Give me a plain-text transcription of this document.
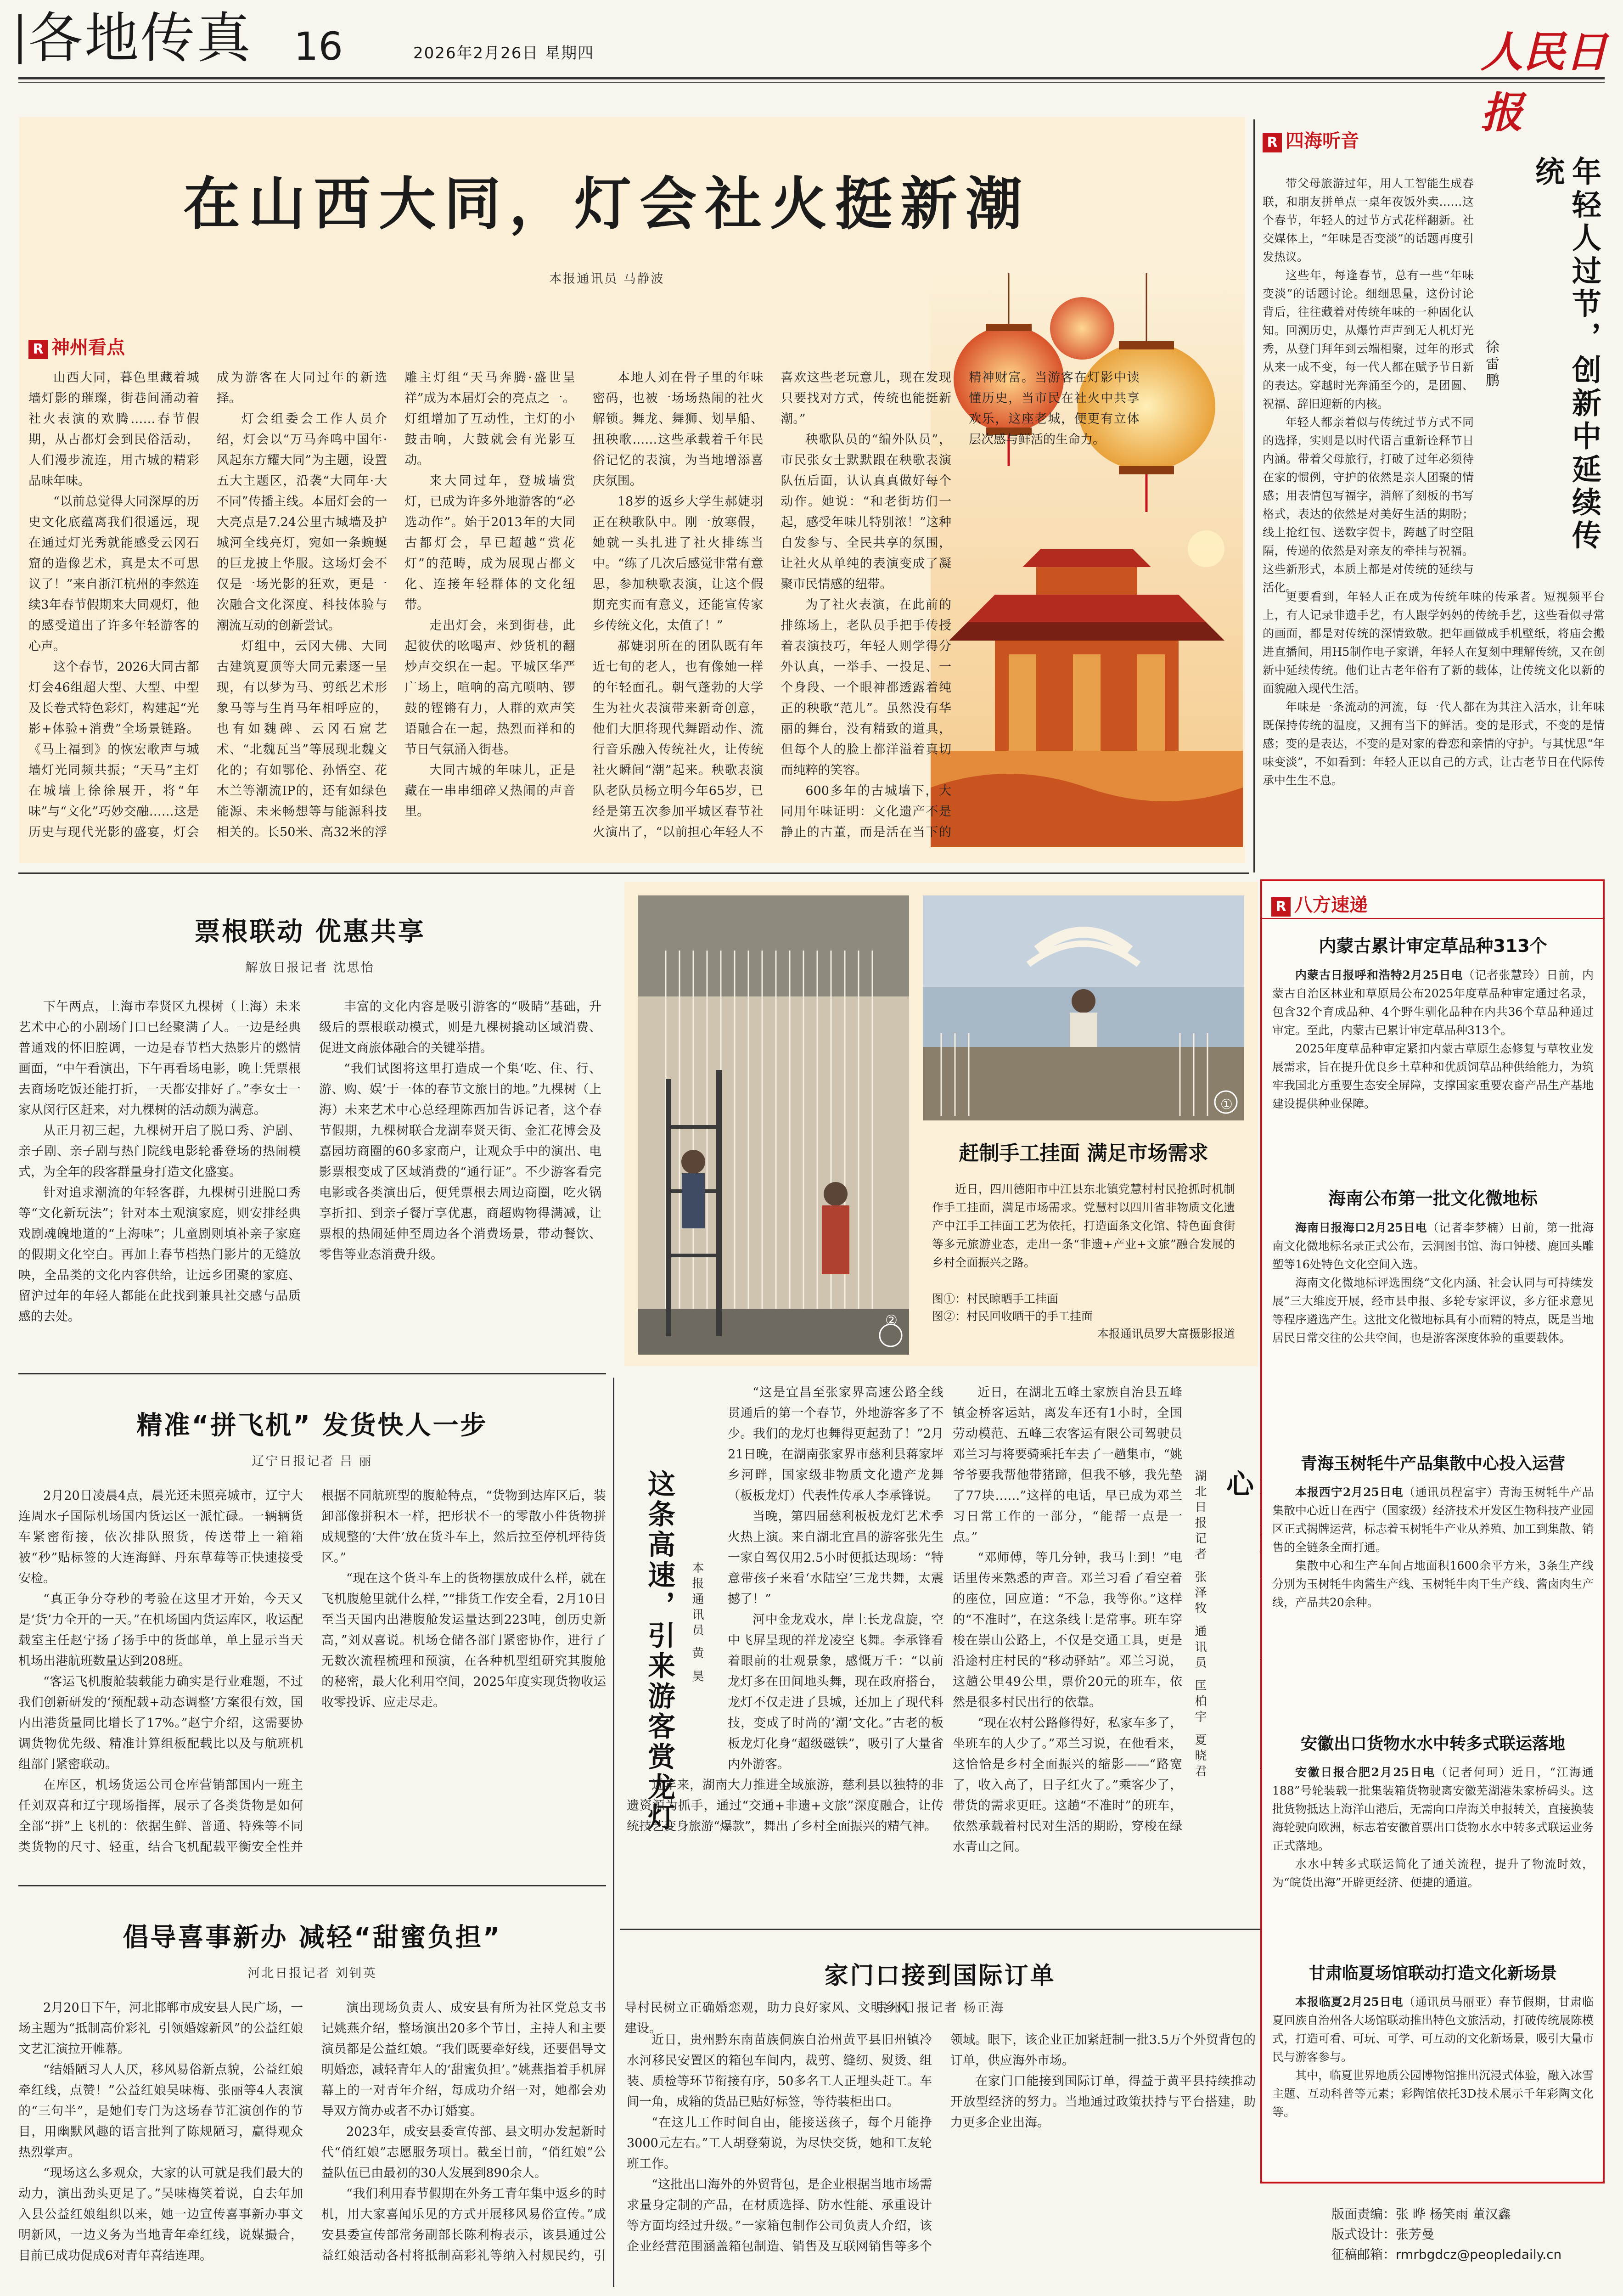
各地传真 16	2026年2月26日 星期四	人民日报
在山西大同，灯会社火挺新潮
本报通讯员 马静波
R 神州看点

山西大同，暮色里藏着城墙灯影的璀璨，街巷间涌动着社火表演的欢腾……春节假期，从古都灯会到民俗活动，人们漫步流连，用古城的精彩品味年味。

“以前总觉得大同深厚的历史文化底蕴离我们很遥远，现在通过灯光秀就能感受云冈石窟的造像艺术，真是太不可思议了！”来自浙江杭州的李然连续3年春节假期来大同观灯，他的感受道出了许多年轻游客的心声。

这个春节，2026大同古都灯会46组超大型、大型、中型及长卷式特色彩灯，构建起“光影+体验+消费”全场景链路。《马上福到》的恢宏歌声与城墙灯光同频共振；“天马”主灯在城墙上徐徐展开，将“年味”与“文化”巧妙交融……这是历史与现代光影的盛宴，灯会成为游客在大同过年的新选择。

灯会组委会工作人员介绍，灯会以“万马奔鸣中国年·风起东方耀大同”为主题，设置五大主题区，沿袭“大同年·大不同”传播主线。本届灯会的一大亮点是7.24公里古城墙及护城河全线亮灯，宛如一条蜿蜒的巨龙披上华服。这场灯会不仅是一场光影的狂欢，更是一次融合文化深度、科技体验与潮流互动的创新尝试。

灯组中，云冈大佛、大同古建筑夏顶等大同元素逐一呈现，有以梦为马、剪纸艺术形象马等与生肖马年相呼应的，也有如魏碑、云冈石窟艺术、“北魏瓦当”等展现北魏文化的；有如鄂伦、孙悟空、花木兰等潮流IP的，还有如绿色能源、未来畅想等与能源科技相关的。长50米、高32米的浮雕主灯组“天马奔腾·盛世呈祥”成为本届灯会的亮点之一。灯组增加了互动性，主灯的小鼓击响，大鼓就会有光影互动。

来大同过年，登城墙赏灯，已成为许多外地游客的“必选动作”。始于2013年的大同古都灯会，早已超越“赏花灯”的范畴，成为展现古都文化、连接年轻群体的文化纽带。

走出灯会，来到街巷，此起彼伏的吆喝声、炒货机的翻炒声交织在一起。平城区华严广场上，喧响的高亢唢呐、锣鼓的铿锵有力，人群的欢声笑语融合在一起，热烈而祥和的节日气氛涌入街巷。

大同古城的年味儿，正是藏在一串串细碎又热闹的声音里。

本地人刘在骨子里的年味密码，也被一场场热闹的社火解锁。舞龙、舞狮、划旱船、扭秧歌……这些承载着千年民俗记忆的表演，为当地增添喜庆氛围。

18岁的返乡大学生郝婕羽正在秧歌队中。刚一放寒假，她就一头扎进了社火排练当中。“练了几次后感觉非常有意思，参加秧歌表演，让这个假期充实而有意义，还能宣传家乡传统文化，太值了！”

郝婕羽所在的团队既有年近七旬的老人，也有像她一样的年轻面孔。朝气蓬勃的大学生为社火表演带来新奇创意，他们大胆将现代舞蹈动作、流行音乐融入传统社火，让传统社火瞬间“潮”起来。秧歌表演队老队员杨立明今年65岁，已经是第五次参加平城区春节社火演出了，“以前担心年轻人不喜欢这些老玩意儿，现在发现只要找对方式，传统也能挺新潮。”

秧歌队员的“编外队员”，市民张女士默默跟在秧歌表演队伍后面，认认真真做好每个动作。她说：“和老街坊们一起，感受年味儿特别浓！”这种自发参与、全民共享的氛围，让社火从单纯的表演变成了凝聚市民情感的纽带。

为了社火表演，在此前的排练场上，老队员手把手传授着表演技巧，年轻人则学得分外认真，一举手、一投足、一个身段、一个眼神都透露着纯正的秧歌“范儿”。虽然没有华丽的舞台，没有精致的道具，但每个人的脸上都洋溢着真切而纯粹的笑容。

600多年的古城墙下，大同用年味证明：文化遗产不是静止的古董，而是活在当下的精神财富。当游客在灯影中读懂历史，当市民在社火中共享欢乐，这座老城，便更有立体层次感与鲜活的生命力。

R 四海听音
年轻人过节，创新中延续传统
徐雷鹏

带父母旅游过年，用人工智能生成春联，和朋友拼单点一桌年夜饭外卖……这个春节，年轻人的过节方式花样翻新。社交媒体上，“年味是否变淡”的话题再度引发热议。

这些年，每逢春节，总有一些“年味变淡”的话题讨论。细细思量，这份讨论背后，往往藏着对传统年味的一种固化认知。回溯历史，从爆竹声声到无人机灯光秀，从登门拜年到云端相聚，过年的形式从来一成不变，每一代人都在赋予节日新的表达。穿越时光奔涌至今的，是团圆、祝福、辞旧迎新的内核。

年轻人都亲着似与传统过节方式不同的选择，实则是以时代语言重新诠释节日内涵。带着父母旅行，打破了过年必须待在家的惯例，守护的依然是亲人团聚的情感；用表情包写福字，消解了刻板的书写格式，表达的依然是对美好生活的期盼；线上抢红包、送数字贺卡，跨越了时空阻隔，传递的依然是对亲友的牵挂与祝福。这些新形式，本质上都是对传统的延续与活化。

更要看到，年轻人正在成为传统年味的传承者。短视频平台上，有人记录非遗手艺，有人跟学妈妈的传统手艺，这些看似寻常的画面，都是对传统的深情致敬。把年画做成手机壁纸，将庙会搬进直播间，用H5制作电子家谱，年轻人在复刻中理解传统，又在创新中延续传统。他们让古老年俗有了新的载体，让传统文化以新的面貌融入现代生活。

年味是一条流动的河流，每一代人都在为其注入活水，让年味既保持传统的温度，又拥有当下的鲜活。变的是形式，不变的是情感；变的是表达，不变的是对家的眷恋和亲情的守护。与其忧思“年味变淡”，不如看到：年轻人正以自己的方式，让古老节日在代际传承中生生不息。

票根联动 优惠共享
解放日报记者 沈思怡

下午两点，上海市奉贤区九棵树（上海）未来艺术中心的小剧场门口已经聚满了人。一边是经典普通戏的怀旧腔调，一边是春节档大热影片的燃情画面，“中午看演出，下午再看场电影，晚上凭票根去商场吃饭还能打折，一天都安排好了。”李女士一家从闵行区赶来，对九棵树的活动颇为满意。

从正月初三起，九棵树开启了脱口秀、沪剧、亲子剧、亲子剧与热门院线电影轮番登场的热闹模式，为全年的段客群量身打造文化盛宴。

针对追求潮流的年轻客群，九棵树引进脱口秀等“文化新玩法”；针对本土观演家庭，则安排经典戏剧魂魄地道的“上海味”；儿童剧则填补亲子家庭的假期文化空白。再加上春节档热门影片的无缝放映，全品类的文化内容供给，让远乡团聚的家庭、留沪过年的年轻人都能在此找到兼具社交感与品质感的去处。

丰富的文化内容是吸引游客的“吸睛”基础，升级后的票根联动模式，则是九棵树撬动区域消费、促进文商旅体融合的关键举措。

“我们试图将这里打造成一个集‘吃、住、行、游、购、娱’于一体的春节文旅目的地。”九棵树（上海）未来艺术中心总经理陈西加告诉记者，这个春节假期，九棵树联合龙湖奉贤天街、金汇花博会及嘉园坊商圈的60多家商户，让观众手中的演出、电影票根变成了区域消费的“通行证”。不少游客看完电影或各类演出后，便凭票根去周边商圈，吃火锅享折扣、到亲子餐厅享优惠，商超购物得满减，让票根的热闹延伸至周边各个消费场景，带动餐饮、零售等业态消费升级。

②
①
赶制手工挂面 满足市场需求
近日，四川德阳市中江县东北镇党慧村村民抢抓时机制作手工挂面，满足市场需求。党慧村以四川省非物质文化遗产中江手工挂面工艺为依托，打造面条文化馆、特色面食街等多元旅游业态，走出一条“非遗+产业+文旅”融合发展的乡村全面振兴之路。
图①：村民晾晒手工挂面
图②：村民回收晒干的手工挂面
本报通讯员罗大富摄影报道
精准“拼飞机” 发货快人一步
辽宁日报记者 吕 丽

2月20日凌晨4点，晨光还未照亮城市，辽宁大连周水子国际机场国内货运区一派忙碌。一辆辆货车紧密衔接，依次排队照货，传送带上一箱箱被“秒”贴标签的大连海鲜、丹东草莓等正快速接受安检。

“真正争分夺秒的考验在这里才开始，今天又是‘货’力全开的一天。”在机场国内货运库区，收运配载室主任赵宁扬了扬手中的货邮单，单上显示当天机场出港航班数量达到208班。

“客运飞机腹舱装载能力确实是行业难题，不过我们创新研发的‘预配载+动态调整’方案很有效，国内出港货量同比增长了17%。”赵宁介绍，这需要协调货物优先级、精准计算组板配载比以及与航班机组部门紧密联动。

在库区，机场货运公司仓库营销部国内一班主任刘双喜和辽宁现场指挥，展示了各类货物是如何全部“拼”上飞机的：依据生鲜、普通、特殊等不同类货物的尺寸、轻重，结合飞机配载平衡安全性并根据不同航班型的腹舱特点，“货物到达库区后，装卸部像拼积木一样，把形状不一的零散小件货物拼成规整的‘大件’放在货斗车上，然后拉至停机坪待货区。”

“现在这个货斗车上的货物摆放成什么样，就在飞机腹舱里就什么样，”“排货工作安全看，2月10日至当天国内出港腹舱发运量达到223吨，创历史新高，”刘双喜说。机场仓储各部门紧密协作，进行了无数次流程梳理和预演，在各种机型组研究其腹舱的秘密，最大化利用空间，2025年度实现货物收运收零投诉、应走尽走。

倡导喜事新办 减轻“甜蜜负担”
河北日报记者 刘钊英

2月20日下午，河北邯郸市成安县人民广场，一场主题为“抵制高价彩礼  引领婚嫁新风”的公益红娘文艺汇演拉开帷幕。

“结婚陋习人人厌，移风易俗新点貌，公益红娘牵红线，点赞！”公益红娘吴味梅、张丽等4人表演的“三句半”，是她们专门为这场春节汇演创作的节目，用幽默风趣的语言批判了陈规陋习，赢得观众热烈掌声。

“现场这么多观众，大家的认可就是我们最大的动力，演出劲头更足了。”吴味梅笑着说，自去年加入县公益红娘组织以来，她一边宣传喜事新办事文明新风，一边义务为当地青年牵红线，说媒撮合，目前已成功促成6对青年喜结连理。

演出现场负责人、成安县有所为社区党总支书记姚燕介绍，整场演出20多个节目，主持人和主要演员都是公益红娘。“我们既要牵好线，还要倡导文明婚恋，减轻青年人的‘甜蜜负担’。”姚燕指着手机屏幕上的一对青年介绍，每成功介绍一对，她都会劝导双方简办或者不办订婚宴。

2023年，成安县委宣传部、县文明办发起新时代“俏红娘”志愿服务项目。截至目前，“俏红娘”公益队伍已由最初的30人发展到890余人。

“我们利用春节假期在外务工青年集中返乡的时机，用大家喜闻乐见的方式开展移风易俗宣传。”成安县委宣传部常务副部长陈利梅表示，该县通过公益红娘活动各村将抵制高彩礼等纳入村规民约，引导村民树立正确婚恋观，助力良好家风、文明乡风建设。

这条高速，引来游客赏龙灯 本报通讯员 黄 昊

“这是宜昌至张家界高速公路全线贯通后的第一个春节，外地游客多了不少。我们的龙灯也舞得更起劲了！”2月21日晚，在湖南张家界市慈利县蒋家坪乡河畔，国家级非物质文化遗产龙舞（板板龙灯）代表性传承人李承锋说。

当晚，第四届慈利板板龙灯艺术季火热上演。来自湖北宜昌的游客张先生一家自驾仅用2.5小时便抵达现场：“特意带孩子来看‘水陆空’三龙共舞，太震撼了！”

河中金龙戏水，岸上长龙盘旋，空中飞屏呈现的祥龙凌空飞舞。李承锋看着眼前的壮观景象，感慨万千：“以前龙灯多在田间地头舞，现在政府搭台，龙灯不仅走进了县城，还加上了现代科技，变成了时尚的‘潮’文化。”古老的板板龙灯化身“超级磁铁”，吸引了大量省内外游客。

近年来，湖南大力推进全域旅游，慈利县以独特的非遗资源为抓手，通过“交通+非遗+文旅”深度融合，让传统技艺变身旅游“爆款”，舞出了乡村全面振兴的精气神。

近日，在湖北五峰土家族自治县五峰镇金桥客运站，离发车还有1小时，全国劳动模范、五峰三农客运有限公司驾驶员邓兰习与将要骑乘托车去了一趟集市，“姚爷爷要我帮他带猪蹄，但我不够，我先垫了77块……”这样的电话，早已成为邓兰习日常工作的一部分，“能帮一点是一点。”

“邓师傅，等几分钟，我马上到！”电话里传来熟悉的声音。邓兰习看了看空着的座位，回应道：“不急，我等你。”这样的“不准时”，在这条线上是常事。班车穿梭在崇山公路上，不仅是交通工具，更是沿途村庄村民的“移动驿站”。邓兰习说，这趟公里49公里，票价20元的班车，依然是很多村民出行的依靠。

“现在农村公路修得好，私家车多了，坐班车的人少了。”邓兰习说，在他看来，这恰恰是乡村全面振兴的缩影——“路宽了，收入高了，日子红火了。”乘客少了，带货的需求更旺。这趟“不准时”的班车，依然承载着村民对生活的期盼，穿梭在绿水青山之间。

湖北日报记者 张泽牧 通讯员 匡柏宇 夏晓君 心
家门口接到国际订单
贵州日报记者 杨正海

近日，贵州黔东南苗族侗族自治州黄平县旧州镇冷水河移民安置区的箱包车间内，裁剪、缝纫、熨烫、组装、质检等环节衔接有序，50多名工人正埋头赶工。车间一角，成箱的货品已贴好标签，等待装柜出口。

“在这儿工作时间自由，能接送孩子，每个月能挣3000元左右。”工人胡登菊说，为尽快交货，她和工友轮班工作。

“这批出口海外的外贸背包，是企业根据当地市场需求量身定制的产品，在材质选择、防水性能、承重设计等方面均经过升级。”一家箱包制作公司负责人介绍，该企业经营范围涵盖箱包制造、销售及互联网销售等多个领域。眼下，该企业正加紧赶制一批3.5万个外贸背包的订单，供应海外市场。

在家门口能接到国际订单，得益于黄平县持续推动开放型经济的努力。当地通过政策扶持与平台搭建，助力更多企业出海。

R 八方速递
内蒙古累计审定草品种313个

内蒙古日报呼和浩特2月25日电（记者张慧玲）日前，内蒙古自治区林业和草原局公布2025年度草品种审定通过名录，包含32个育成品种、4个野生驯化品种在内共36个草品种通过审定。至此，内蒙古已累计审定草品种313个。

2025年度草品种审定紧扣内蒙古草原生态修复与草牧业发展需求，旨在提升优良乡土草种和优质饲草品种供给能力，为筑牢我国北方重要生态安全屏障，支撑国家重要农畜产品生产基地建设提供种业保障。

海南公布第一批文化微地标

海南日报海口2月25日电（记者李梦楠）日前，第一批海南文化微地标名录正式公布，云洞图书馆、海口钟楼、鹿回头雕塑等16处特色文化空间入选。

海南文化微地标评选围绕“文化内涵、社会认同与可持续发展”三大维度开展，经市县申报、多轮专家评议，多方征求意见等程序遴选产生。这批文化微地标具有小而精的特点，既是当地居民日常交往的公共空间，也是游客深度体验的重要载体。

青海玉树牦牛产品集散中心投入运营

本报西宁2月25日电（通讯员程富宇）青海玉树牦牛产品集散中心近日在西宁（国家级）经济技术开发区生物科技产业园区正式揭牌运营，标志着玉树牦牛产业从养殖、加工到集散、销售的全链条全面打通。

集散中心和生产车间占地面积1600余平方米，3条生产线分别为玉树牦牛肉酱生产线、玉树牦牛肉干生产线、酱卤肉生产线，产品共20余种。

安徽出口货物水水中转多式联运落地

安徽日报合肥2月25日电（记者何珂）近日，“江海通188”号轮装载一批集装箱货物驶离安徽芜湖港朱家桥码头。这批货物抵达上海洋山港后，无需向口岸海关申报转关，直接换装海轮驶向欧洲，标志着安徽首票出口货物水水中转多式联运业务正式落地。

水水中转多式联运简化了通关流程，提升了物流时效，为“皖货出海”开辟更经济、便捷的通道。

甘肃临夏场馆联动打造文化新场景

本报临夏2月25日电（通讯员马丽亚）春节假期，甘肃临夏回族自治州各大场馆联动推出特色文旅活动，打破传统展陈模式，打造可看、可玩、可学、可互动的文化新场景，吸引大量市民与游客参与。

其中，临夏世界地质公园博物馆推出沉浸式体验，融入冰雪主题、互动科普等元素；彩陶馆依托3D技术展示千年彩陶文化等。

版面责编：张 晔 杨笑雨 董汉鑫
版式设计：张芳曼
征稿邮箱：rmrbgdcz@peopledaily.cn
